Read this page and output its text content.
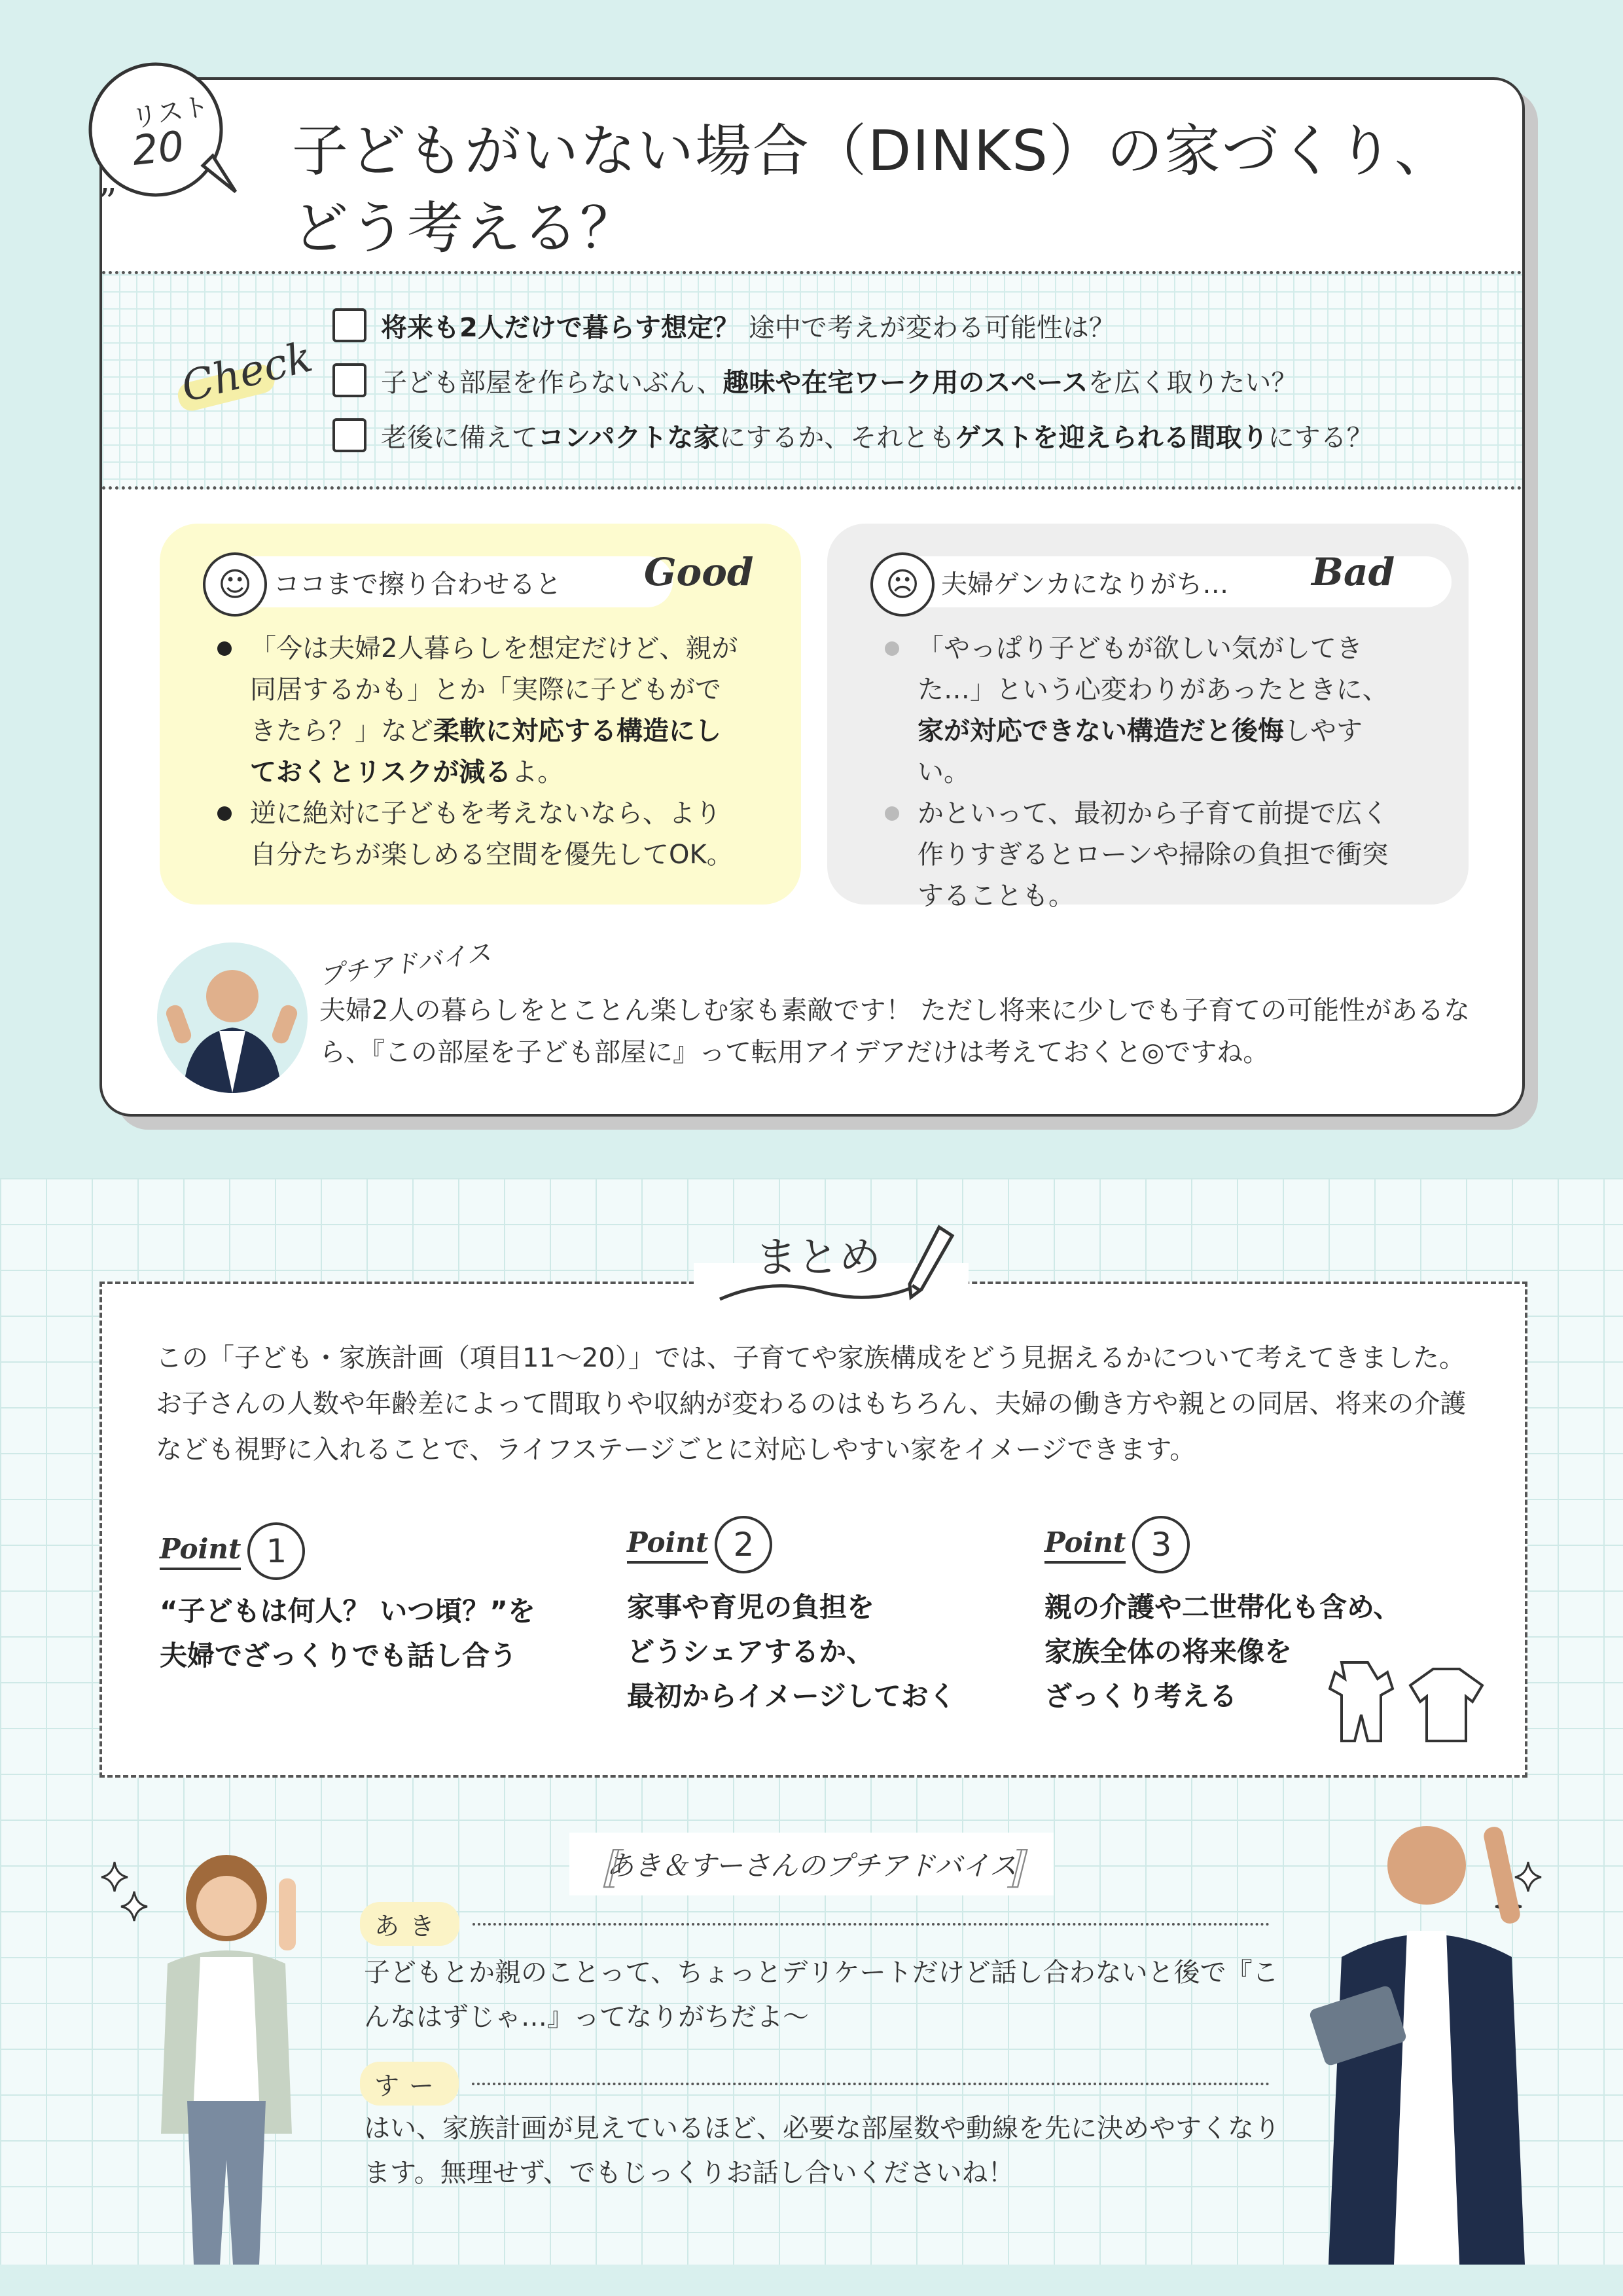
子どもがいない場合（DINKS）の家づくり、
どう考える？
Check
将来も2人だけで暮らす想定？ 途中で考えが変わる可能性は？
子ども部屋を作らないぶん、 趣味や在宅ワーク用のスペース を広く取りたい？
老後に備えて コンパクトな家 にするか、それとも ゲストを迎えられる間取り にする？
ココまで擦り合わせると
☺	Good
「今は夫婦2人暮らしを想定だけど、親が同居するかも」とか「実際に子どもができたら？」など柔軟に対応する構造にしておくとリスクが減るよ。
逆に絶対に子どもを考えないなら、より自分たちが楽しめる空間を優先してOK。
夫婦ゲンカになりがち…
☹	Bad
「やっぱり子どもが欲しい気がしてきた…」という心変わりがあったときに、家が対応できない構造だと後悔しやすい。
かといって、最初から子育て前提で広く作りすぎるとローンや掃除の負担で衝突することも。
プチアドバイス
夫婦2人の暮らしをとことん楽しむ家も素敵です！ ただし将来に少しでも子育ての可能性があるなら、『この部屋を子ども部屋に』って転用アイデアだけは考えておくと◎ですね。
“
”
リスト
20
まとめ
この「子ども・家族計画（項目11〜20）」では、子育てや家族構成をどう見据えるかについて考えてきました。お子さんの人数や年齢差によって間取りや収納が変わるのはもちろん、夫婦の働き方や親との同居、将来の介護なども視野に入れることで、ライフステージごとに対応しやすい家をイメージできます。
Point 1
“子どもは何人？ いつ頃？”を
夫婦でざっくりでも話し合う
Point 2
家事や育児の負担を
どうシェアするか、
最初からイメージしておく
Point 3
親の介護や二世帯化も含め、
家族全体の将来像を
ざっくり考える
〚 あき＆すーさんのプチアドバイス 〛
あき
子どもとか親のことって、ちょっとデリケートだけど話し合わないと後で『こんなはずじゃ…』ってなりがちだよ〜
すー
はい、家族計画が見えているほど、必要な部屋数や動線を先に決めやすくなります。無理せず、でもじっくりお話し合いくださいね！
